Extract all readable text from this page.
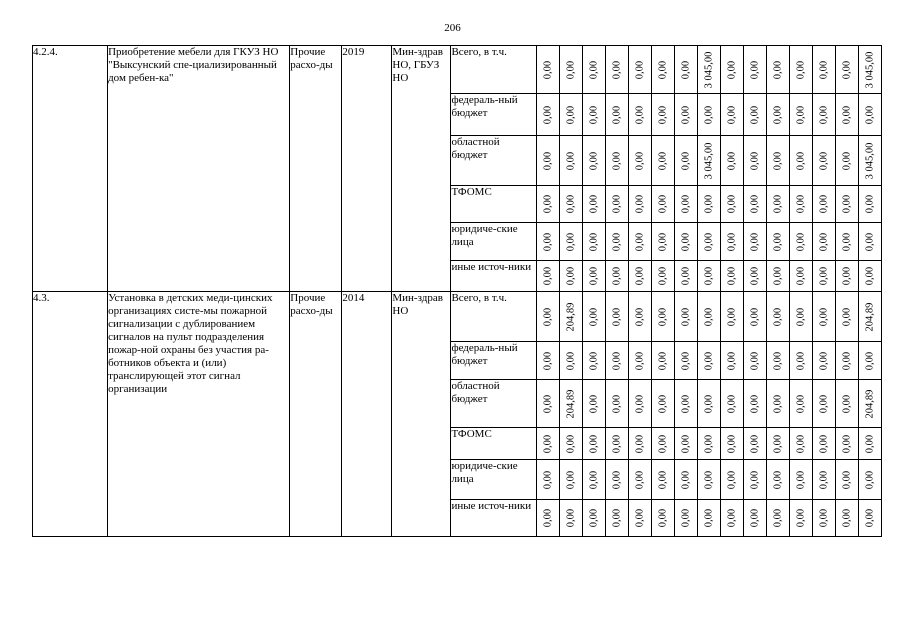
206
4.2.4.	Приобретение мебели для ГКУЗ НО "Выксунский спе-циализированный дом ребен-ка"	Прочие расхо-ды	2019	Мин-здрав НО, ГБУЗ НО	Всего, в т.ч.	0,00	0,00	0,00	0,00	0,00	0,00	0,00	3 045,00	0,00	0,00	0,00	0,00	0,00	0,00	3 045,00

					федераль-ный бюджет	0,00	0,00	0,00	0,00	0,00	0,00	0,00	0,00	0,00	0,00	0,00	0,00	0,00	0,00	0,00

					областной бюджет	0,00	0,00	0,00	0,00	0,00	0,00	0,00	3 045,00	0,00	0,00	0,00	0,00	0,00	0,00	3 045,00

					ТФОМС	0,00	0,00	0,00	0,00	0,00	0,00	0,00	0,00	0,00	0,00	0,00	0,00	0,00	0,00	0,00

					юридиче-ские лица	0,00	0,00	0,00	0,00	0,00	0,00	0,00	0,00	0,00	0,00	0,00	0,00	0,00	0,00	0,00

					иные источ-ники	0,00	0,00	0,00	0,00	0,00	0,00	0,00	0,00	0,00	0,00	0,00	0,00	0,00	0,00	0,00

4.3.	Установка в детских меди-цинских организациях систе-мы пожарной сигнализации с дублированием сигналов на пульт подразделения пожар-ной охраны без участия ра-ботников объекта и (или) транслирующей этот сигнал организации	Прочие расхо-ды	2014	Мин-здрав НО	Всего, в т.ч.	0,00	204,89	0,00	0,00	0,00	0,00	0,00	0,00	0,00	0,00	0,00	0,00	0,00	0,00	204,89

					федераль-ный бюджет	0,00	0,00	0,00	0,00	0,00	0,00	0,00	0,00	0,00	0,00	0,00	0,00	0,00	0,00	0,00

					областной бюджет	0,00	204,89	0,00	0,00	0,00	0,00	0,00	0,00	0,00	0,00	0,00	0,00	0,00	0,00	204,89

					ТФОМС	0,00	0,00	0,00	0,00	0,00	0,00	0,00	0,00	0,00	0,00	0,00	0,00	0,00	0,00	0,00

					юридиче-ские лица	0,00	0,00	0,00	0,00	0,00	0,00	0,00	0,00	0,00	0,00	0,00	0,00	0,00	0,00	0,00

					иные источ-ники	0,00	0,00	0,00	0,00	0,00	0,00	0,00	0,00	0,00	0,00	0,00	0,00	0,00	0,00	0,00
